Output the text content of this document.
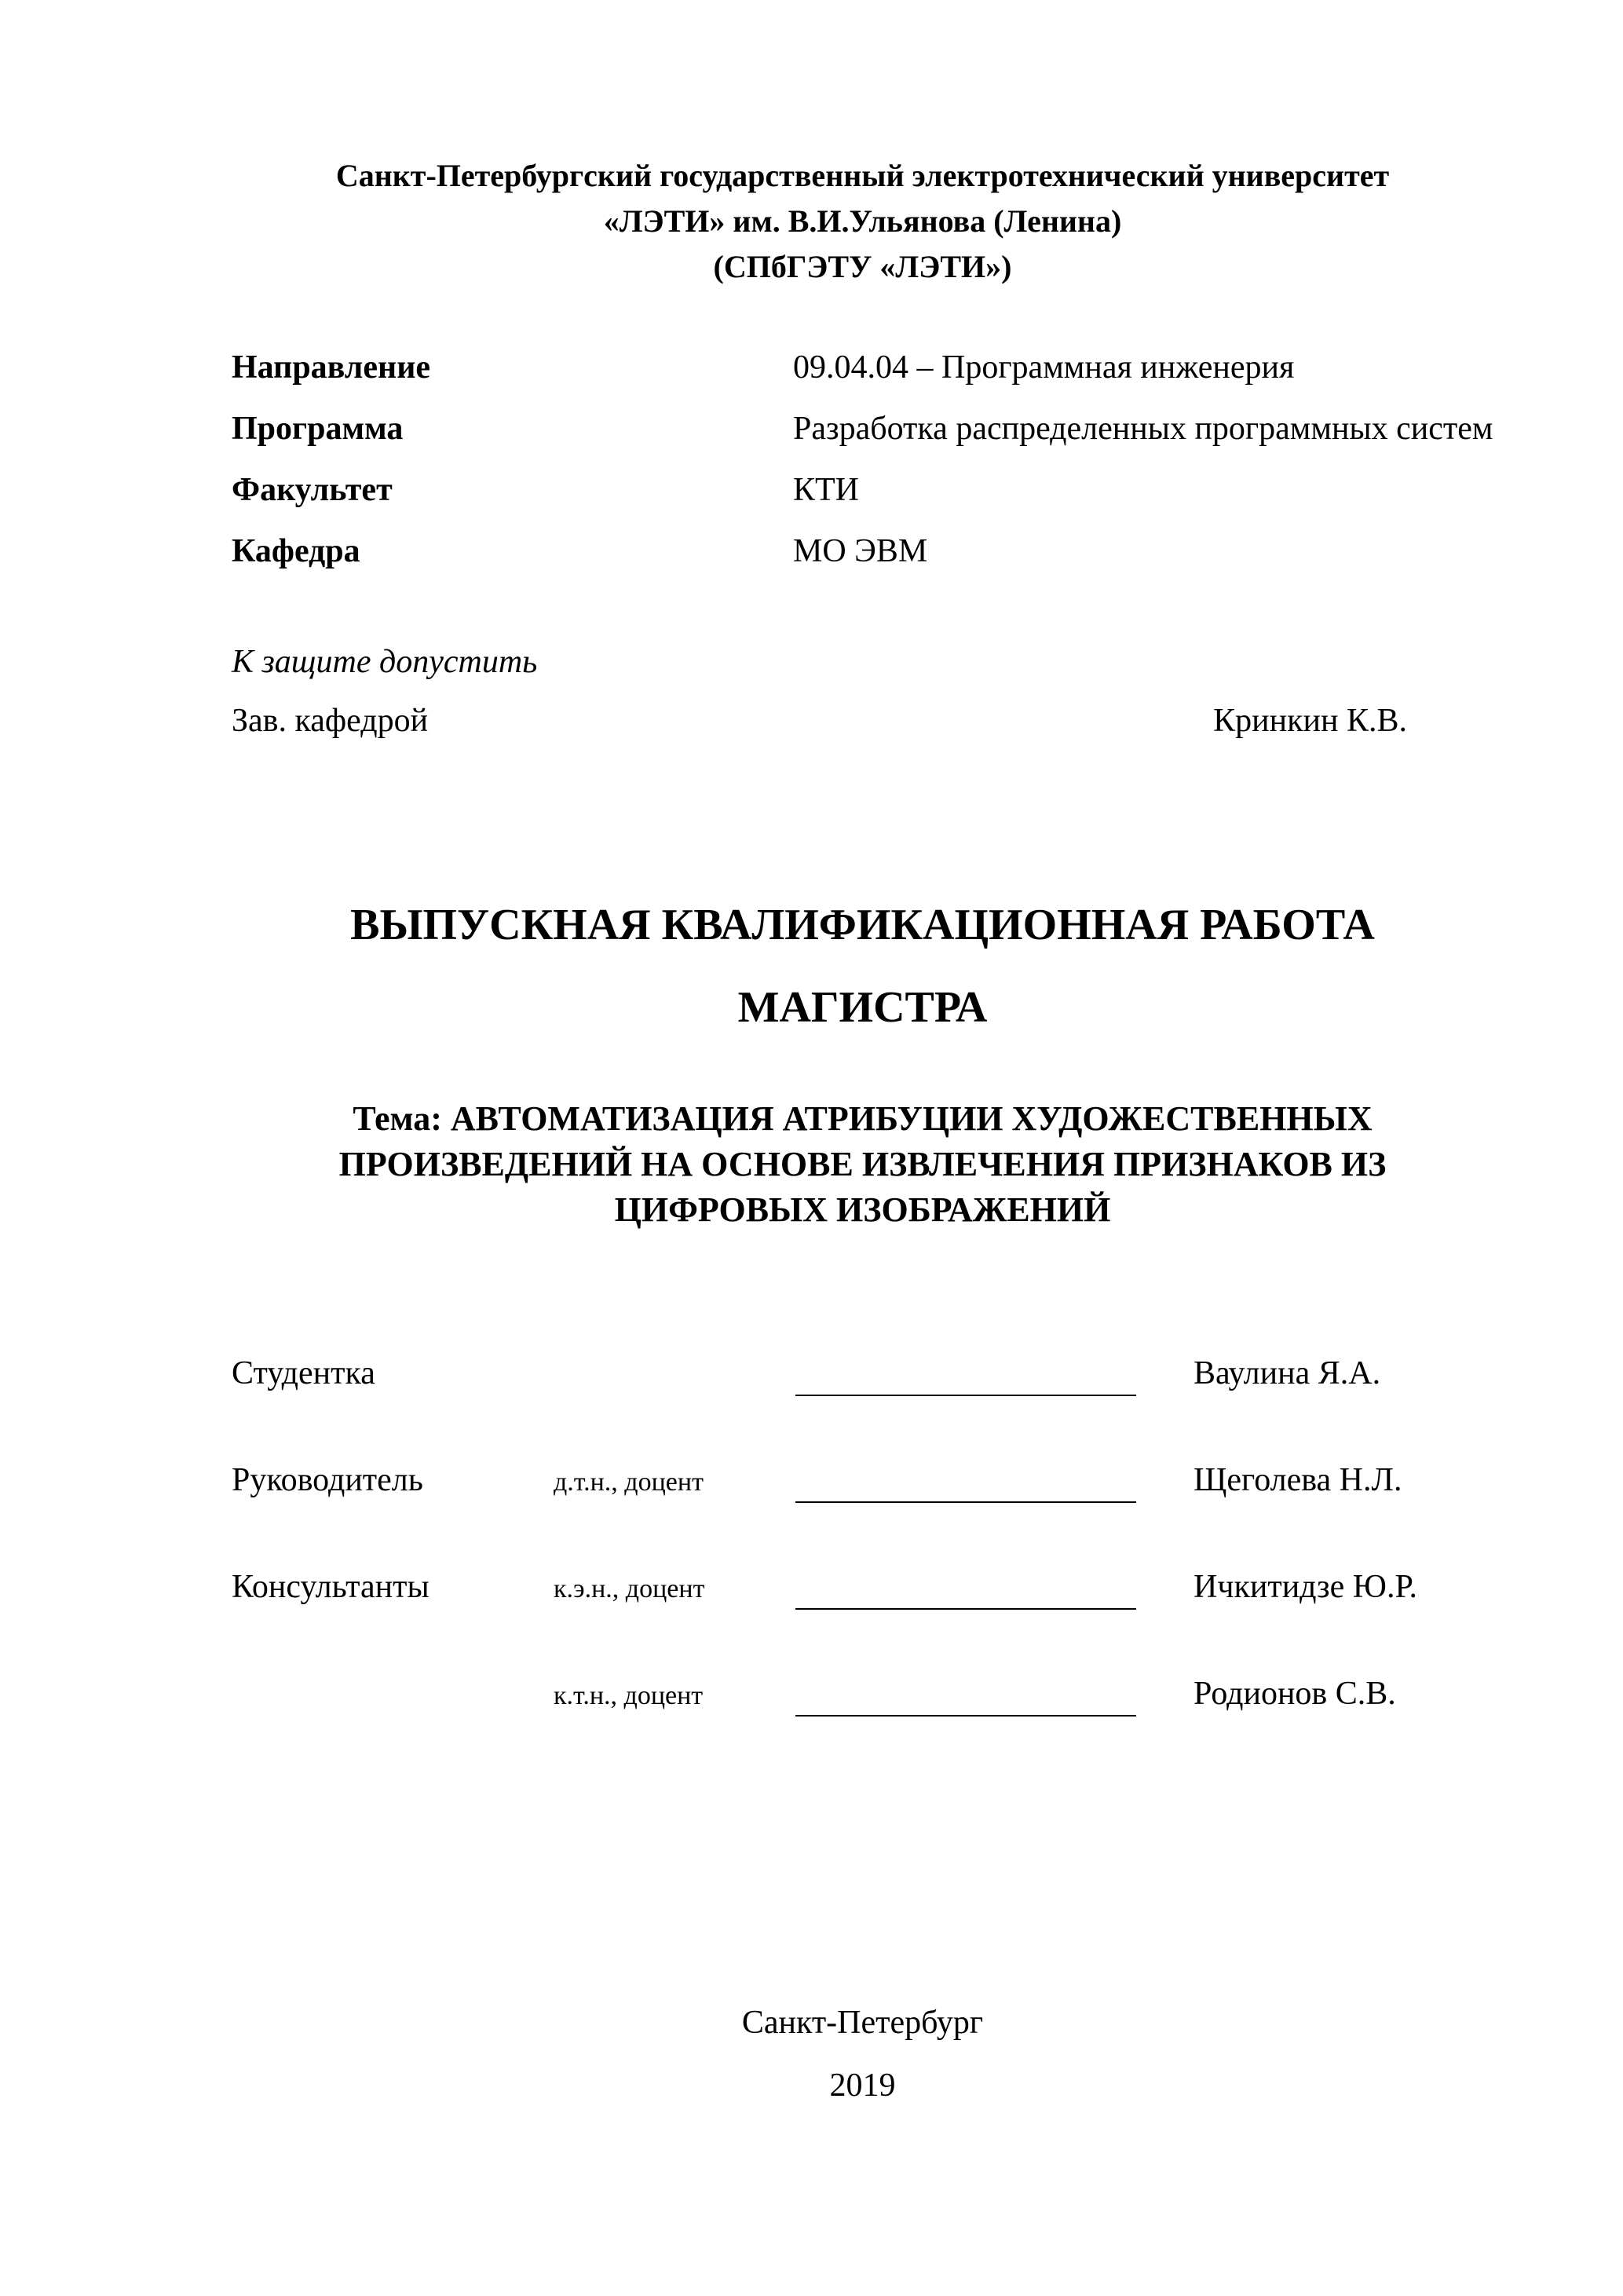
Санкт-Петербургский государственный электротехнический университет
«ЛЭТИ» им. В.И.Ульянова (Ленина)
(СПбГЭТУ «ЛЭТИ»)
Направление	09.04.04 – Программная инженерия
Программа	Разработка распределенных программных систем
Факультет	КТИ
Кафедра	МО ЭВМ
К защите допустить
Зав. кафедрой	Кринкин К.В.
ВЫПУСКНАЯ КВАЛИФИКАЦИОННАЯ РАБОТА
МАГИСТРА
Тема: АВТОМАТИЗАЦИЯ АТРИБУЦИИ ХУДОЖЕСТВЕННЫХ ПРОИЗВЕДЕНИЙ НА ОСНОВЕ ИЗВЛЕЧЕНИЯ ПРИЗНАКОВ ИЗ ЦИФРОВЫХ ИЗОБРАЖЕНИЙ
Студентка	Ваулина Я.А.
Руководитель	д.т.н., доцент	Щеголева Н.Л.
Консультанты	к.э.н., доцент	Ичкитидзе Ю.Р.
к.т.н., доцент	Родионов С.В.
Санкт-Петербург
2019
